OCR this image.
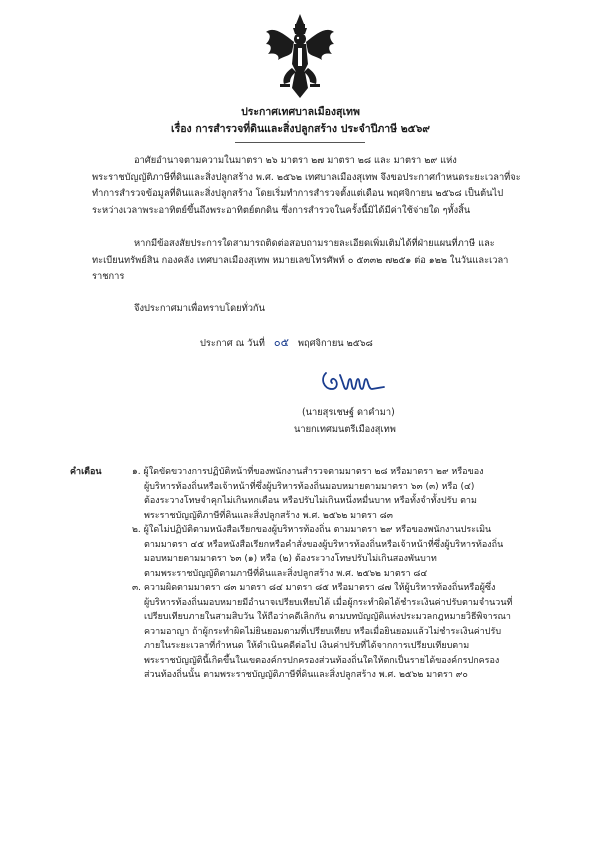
ประกาศเทศบาลเมืองสุเทพ
เรื่อง การสำรวจที่ดินและสิ่งปลูกสร้าง ประจำปีภาษี ๒๕๖๙
อาศัยอำนาจตามความในมาตรา ๒๖ มาตรา ๒๗ มาตรา ๒๘ และ มาตรา ๒๙ แห่ง
พระราชบัญญัติภาษีที่ดินและสิ่งปลูกสร้าง พ.ศ. ๒๕๖๒ เทศบาลเมืองสุเทพ จึงขอประกาศกำหนดระยะเวลาที่จะ
ทำการสำรวจข้อมูลที่ดินและสิ่งปลูกสร้าง โดยเริ่มทำการสำรวจตั้งแต่เดือน พฤศจิกายน ๒๕๖๘ เป็นต้นไป
ระหว่างเวลาพระอาทิตย์ขึ้นถึงพระอาทิตย์ตกดิน ซึ่งการสำรวจในครั้งนี้มิได้มีค่าใช้จ่ายใด ๆทั้งสิ้น
หากมีข้อสงสัยประการใดสามารถติดต่อสอบถามรายละเอียดเพิ่มเติมได้ที่ฝ่ายแผนที่ภาษี และ
ทะเบียนทรัพย์สิน กองคลัง เทศบาลเมืองสุเทพ หมายเลขโทรศัพท์ ๐ ๕๓๓๒ ๗๒๕๑ ต่อ ๑๒๒ ในวันและเวลา
ราชการ
จึงประกาศมาเพื่อทราบโดยทั่วกัน
ประกาศ ณ วันที่ ๐๕ พฤศจิกายน ๒๕๖๘
(นายสุรเชษฐ์ ดาคำมา)
นายกเทศมนตรีเมืองสุเทพ
คำเตือน	๑. ผู้ใดขัดขวางการปฏิบัติหน้าที่ของพนักงานสำรวจตามมาตรา ๒๘ หรือมาตรา ๒๙ หรือของ
ผู้บริหารท้องถิ่นหรือเจ้าหน้าที่ซึ่งผู้บริหารท้องถิ่นมอบหมายตามมาตรา ๖๓ (๓) หรือ (๔)
ต้องระวางโทษจำคุกไม่เกินหกเดือน หรือปรับไม่เกินหนึ่งหมื่นบาท หรือทั้งจำทั้งปรับ ตาม
พระราชบัญญัติภาษีที่ดินและสิ่งปลูกสร้าง พ.ศ. ๒๕๖๒ มาตรา ๘๓
๒. ผู้ใดไม่ปฏิบัติตามหนังสือเรียกของผู้บริหารท้องถิ่น ตามมาตรา ๒๙ หรือของพนักงานประเมิน
ตามมาตรา ๔๕ หรือหนังสือเรียกหรือคำสั่งของผู้บริหารท้องถิ่นหรือเจ้าหน้าที่ซึ่งผู้บริหารท้องถิ่น
มอบหมายตามมาตรา ๖๓ (๑) หรือ (๒) ต้องระวางโทษปรับไม่เกินสองพันบาท
ตามพระราชบัญญัติตามภาษีที่ดินและสิ่งปลูกสร้าง พ.ศ. ๒๕๖๒ มาตรา ๘๔
๓. ความผิดตามมาตรา ๘๓ มาตรา ๘๔ มาตรา ๘๕ หรือมาตรา ๘๗ ให้ผู้บริหารท้องถิ่นหรือผู้ซึ่ง
ผู้บริหารท้องถิ่นมอบหมายมีอำนาจเปรียบเทียบได้ เมื่อผู้กระทำผิดได้ชำระเงินค่าปรับตามจำนวนที่
เปรียบเทียบภายในสามสิบวัน ให้ถือว่าคดีเลิกกัน ตามบทบัญญัติแห่งประมวลกฎหมายวิธีพิจารณา
ความอาญา ถ้าผู้กระทำผิดไม่ยินยอมตามที่เปรียบเทียบ หรือเมื่อยินยอมแล้วไม่ชำระเงินค่าปรับ
ภายในระยะเวลาที่กำหนด ให้ดำเนินคดีต่อไป เงินค่าปรับที่ได้จากการเปรียบเทียบตาม
พระราชบัญญัตินี้เกิดขึ้นในเขตองค์กรปกครองส่วนท้องถิ่นใดให้ตกเป็นรายได้ของค์กรปกครอง
ส่วนท้องถิ่นนั้น ตามพระราชบัญญัติภาษีที่ดินและสิ่งปลูกสร้าง พ.ศ. ๒๕๖๒ มาตรา ๙๐
